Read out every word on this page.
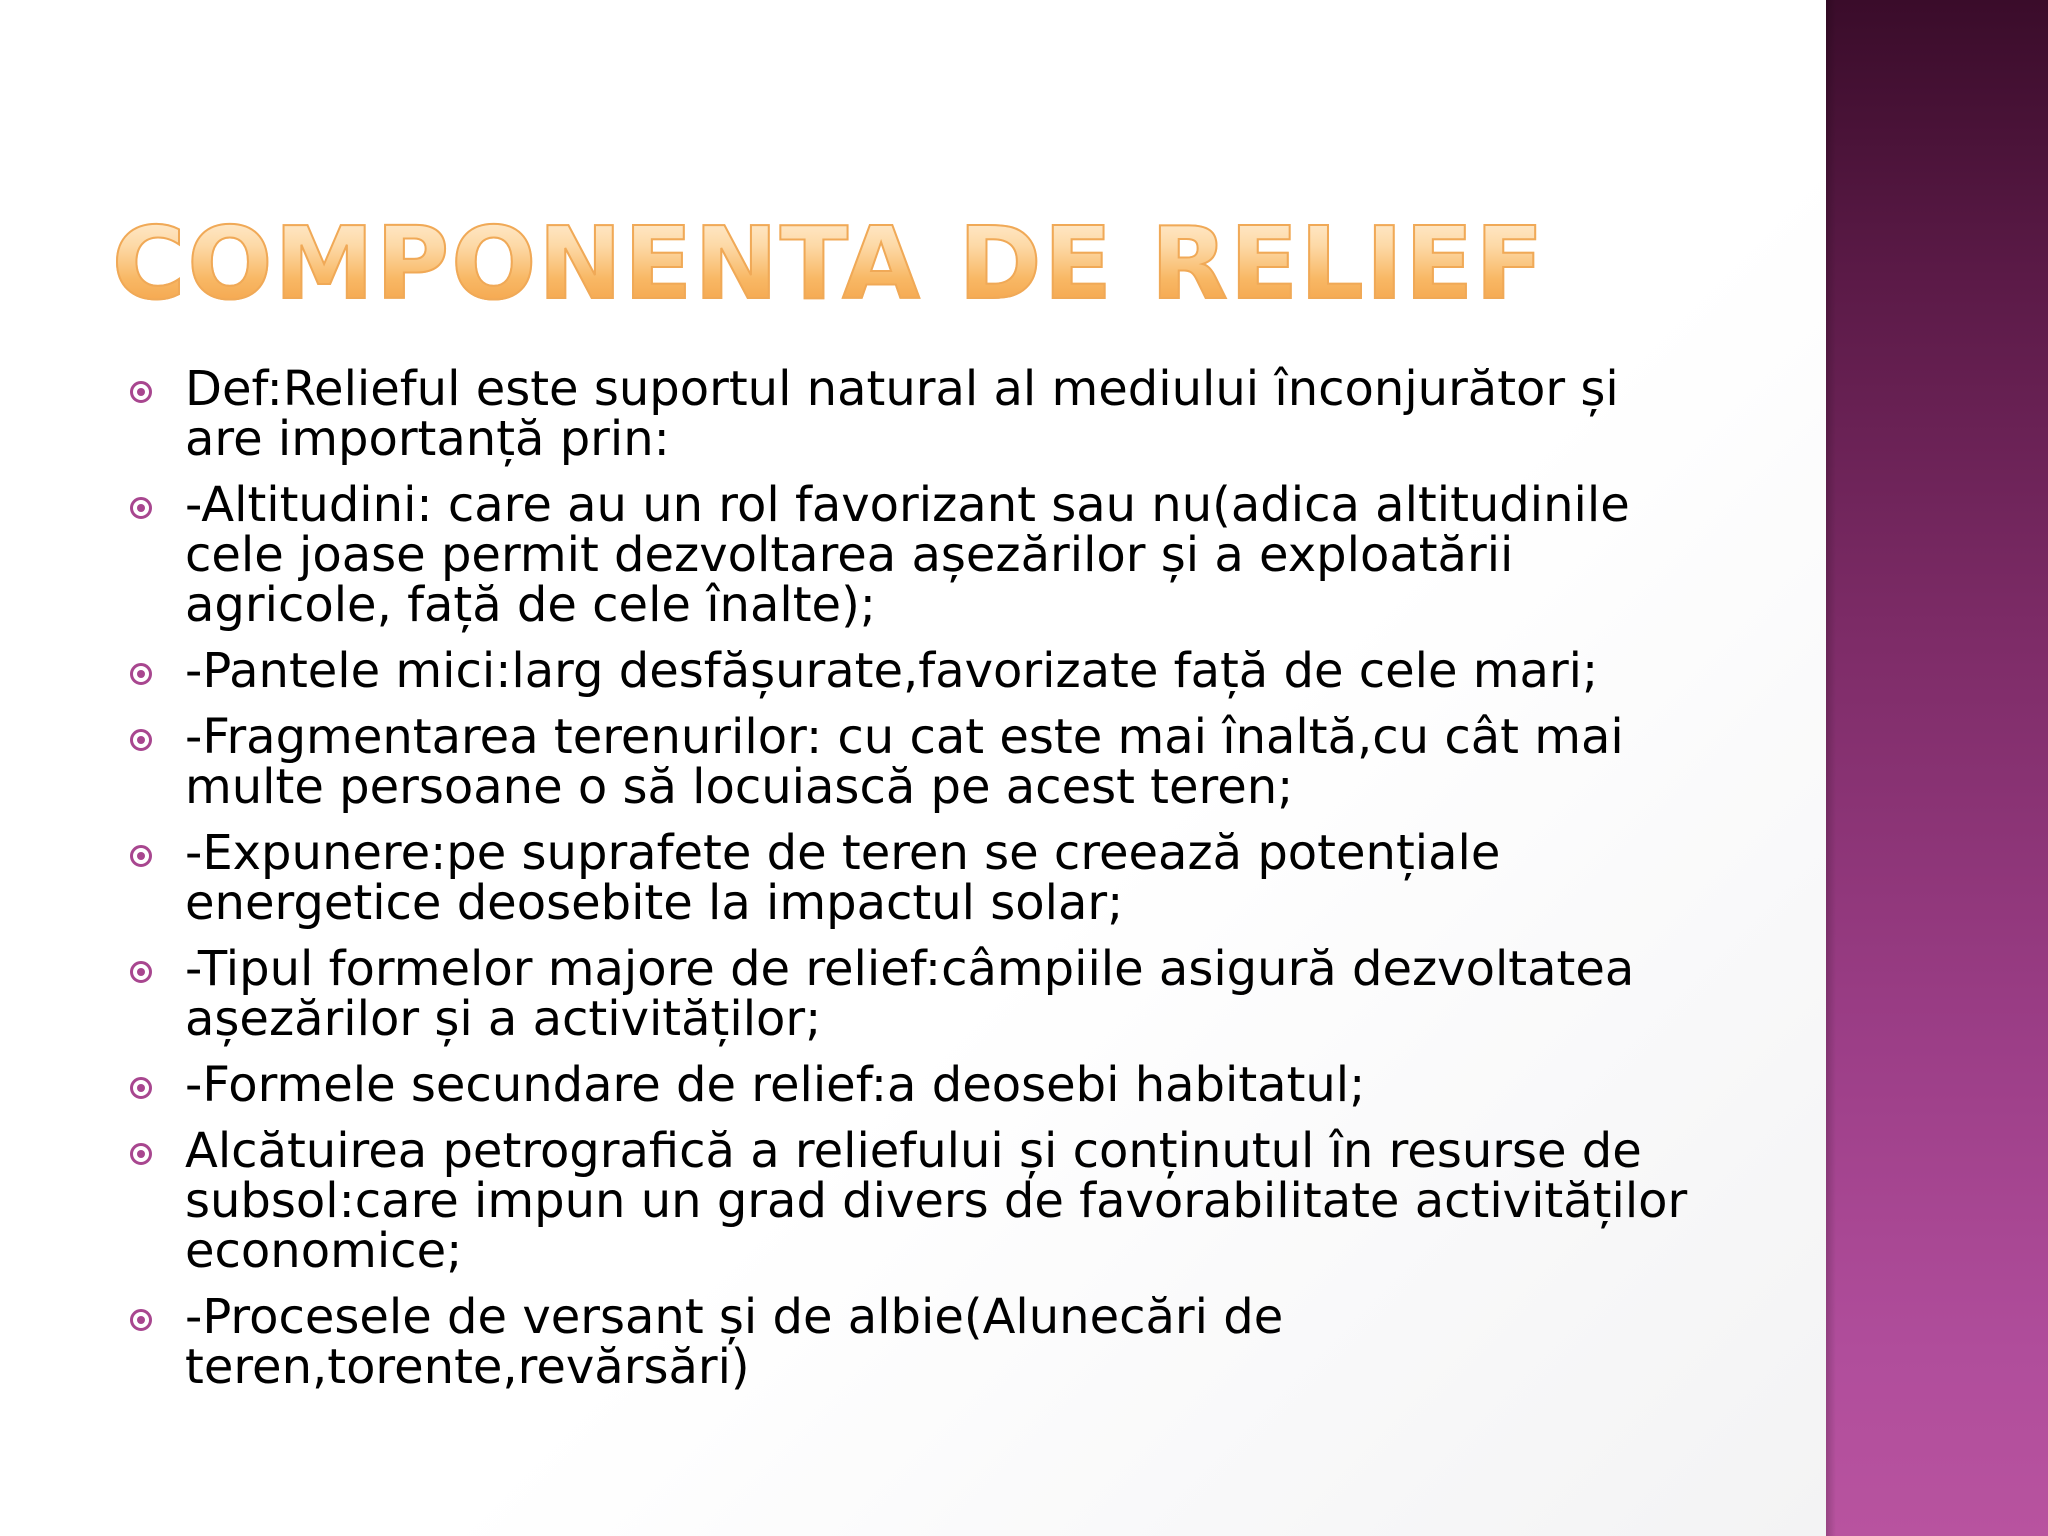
COMPONENTA DE RELIEF
Def:Relieful este suportul natural al mediului înconjurător și are importanță prin:
-Altitudini: care au un rol favorizant sau nu(adica altitudinile cele joase permit dezvoltarea așezărilor și a exploatării agricole, față de cele înalte);
-Pantele mici:larg desfășurate,favorizate față de cele mari;
-Fragmentarea terenurilor: cu cat este mai înaltă,cu cât mai multe persoane o să locuiască pe acest teren;
-Expunere:pe suprafete de teren se creează potențiale energetice deosebite la impactul solar;
-Tipul formelor majore de relief:câmpiile asigură dezvoltatea așezărilor și a activităților;
-Formele secundare de relief:a deosebi habitatul;
Alcătuirea petrografică a reliefului și conținutul în resurse de subsol:care impun un grad divers de favorabilitate activităților economice;
-Procesele de versant și de albie(Alunecări de teren,torente,revărsări)
